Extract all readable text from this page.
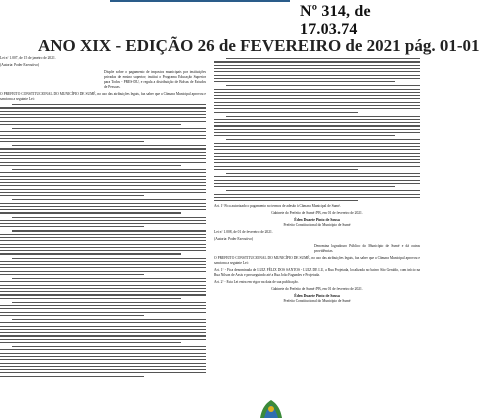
Nº 314, de 17.03.74
ANO XIX - EDIÇÃO 26 de FEVEREIRO de 2021 pág. 01-01

Lei nº 1.007, de 15 de janeiro de 2021.

(Autoria: Poder Executivo)

Dispõe sobre o pagamento de impostos municipais por instituições privadas de ensino superior; institui o Programa Educação Superior para Todos - PRES-DU, e regula a distribuição de Bolsas de Estudos de Pessoas.

O PREFEITO CONSTITUCIONAL DO MUNICÍPIO DE SUMÉ, no uso das atribuições legais, faz saber que a Câmara Municipal aprovou e sanciona a seguinte Lei:

Art. 1º Fica autorizado o pagamento no termos de adesão à Câmara Municipal de Sumé.

Gabinete do Prefeito de Sumé /PB, em 01 de fevereiro de 2021.

Éden Duarte Pinto de Sousa
Prefeito Constitucional do Município de Sumé

Lei nº 1.008, de 01 de fevereiro de 2021.

(Autoria: Poder Executivo)

Denomina logradouro Público do Município de Sumé e dá outras providências.

O PREFEITO CONSTITUCIONAL DO MUNICÍPIO DE SUMÉ, no uso das atribuições legais, faz saber que a Câmara Municipal aprovou e sanciona a seguinte Lei:

Art. 1º - Fica denominada de LUIZ FÉLIX DOS SANTOS - LUIZ DE LU, a Rua Projetada, localizada no bairro São Geraldo, com início na Rua Nilson de Assis e prosseguindo até a Rua João Fagundes e Projetada.

Art. 2º - Esta Lei entra em vigor na data de sua publicação.

Gabinete do Prefeito de Sumé /PB, em 01 de fevereiro de 2021.

Éden Duarte Pinto de Sousa
Prefeito Constitucional do Município de Sumé
